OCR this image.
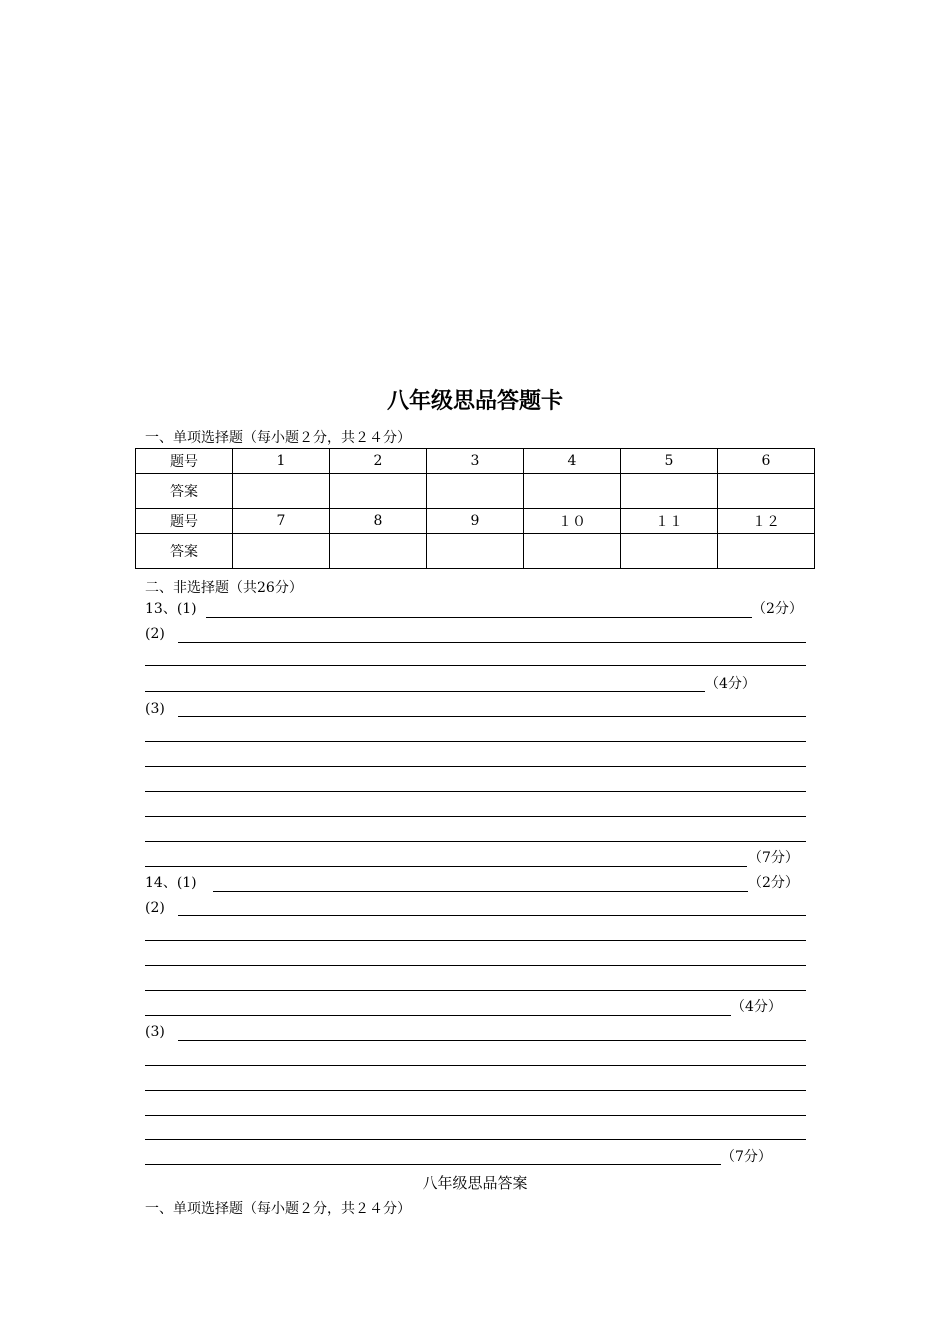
八年级思品答题卡
一、单项选择题（每小题２分，共２４分）
题号	1	2	3	4	5	6
答案						
题号	7	8	9	１０	１１	１２
答案						
二、非选择题（共26分）
13、(1)	（2分）
(2)
（4分）
(3)
（7分）
14、(1)	（2分）
(2)
（4分）
(3)
（7分）
八年级思品答案
一、单项选择题（每小题２分，共２４分）
